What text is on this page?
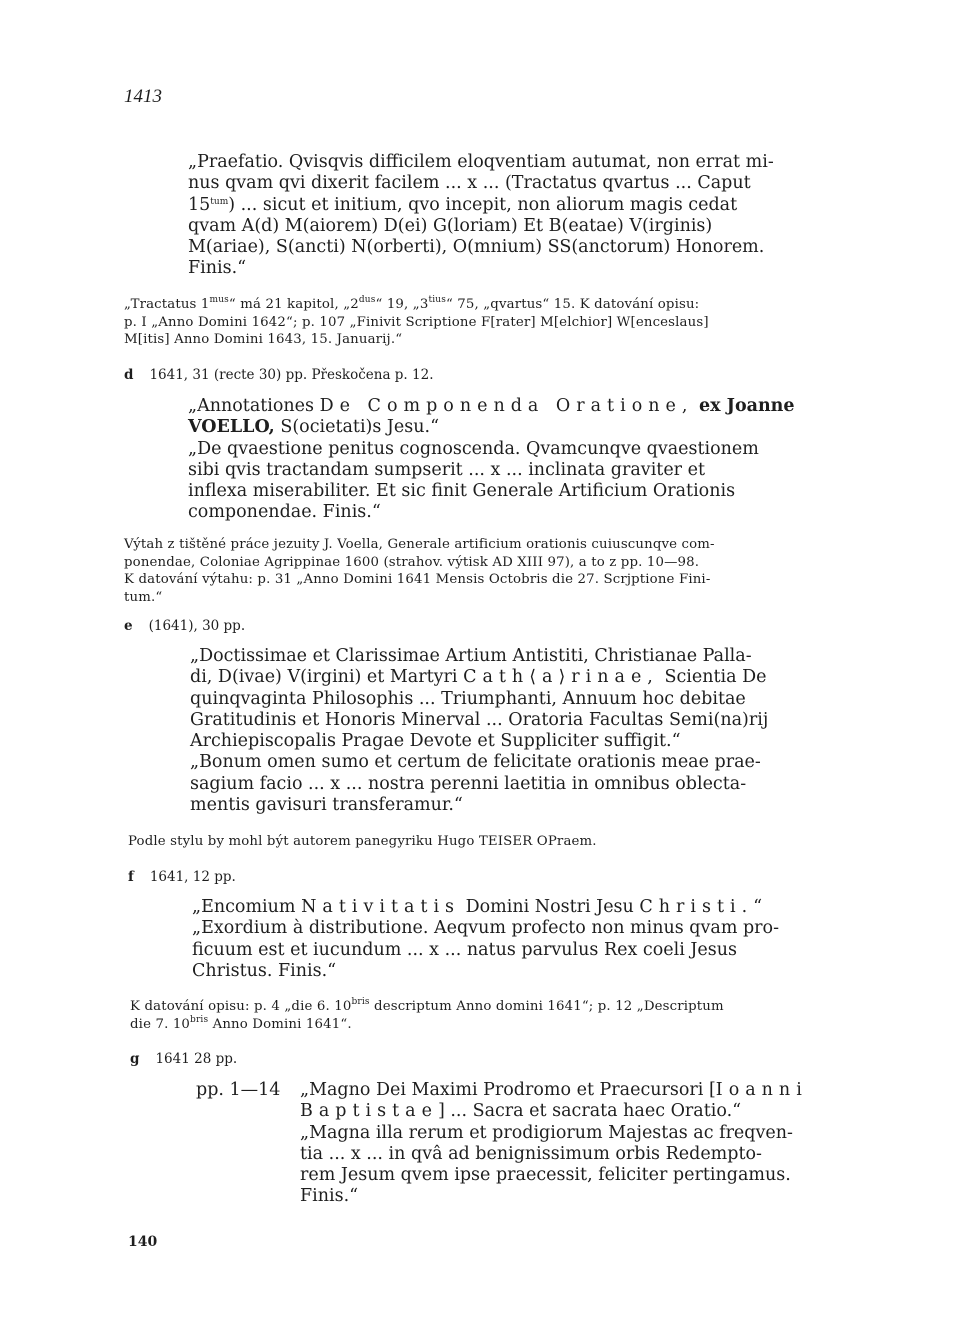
1413

„Praefatio. Qvisqvis difficilem eloqventiam autumat, non errat mi-

nus qvam qvi dixerit facilem ... x ... (Tractatus qvartus ... Caput

$15^{tum}$) ... sicut et initium, qvo incepit, non aliorum magis cedat

qvam A(d) M(aiorem) D(ei) G(loriam) Et B(eatae) V(irginis)

M(ariae), S(ancti) N(orberti), O(mnium) SS(anctorum) Honorem.

Finis.“

„Tractatus $1^{mus}“$ má 21 kapitol, $„2^{dus}“$ 19, $„3^{tius}“$ 75, „qvartus“ 15. K datování opisu:

p. I „Anno Domini 1642“; p. 107 „Finivit Scriptione F[rater] M[elchior] W[enceslaus]

M[itis] Anno Domini 1643, 15. Januarij.“

d 1641, 31 (recte 30) pp. Přeskočena p. 12.

„Annotationes De Componenda Oratione, ex Joanne

VOELLO, S(ocietati)s Jesu.“

„De qvaestione penitus cognoscenda. Qvamcunqve qvaestionem

sibi qvis tractandam sumpserit ... x ... inclinata graviter et

inflexa miserabiliter. Et sic finit Generale Artificium Orationis

componendae. Finis.“

Výtah z tištěné práce jezuity J. Voella, Generale artificium orationis cuiuscunqve com-

ponendae, Coloniae Agrippinae 1600 (strahov. výtisk AD XIII 97), a to z pp. 10—98.

K datování výtahu: p. 31 „Anno Domini 1641 Mensis Octobris die 27. Scrjptione Fini-

tum.“

e (1641), 30 pp.

„Doctissimae et Clarissimae Artium Antistiti, Christianae Palla-

di, D(ivae) V(irgini) et Martyri Cath⟨a⟩rinae, Scientia De

quinqvaginta Philosophis ... Triumphanti, Annuum hoc debitae

Gratitudinis et Honoris Minerval ... Oratoria Facultas Semi(na)rij

Archiepiscopalis Pragae Devote et Suppliciter suffigit.“

„Bonum omen sumo et certum de felicitate orationis meae prae-

sagium facio ... x ... nostra perenni laetitia in omnibus oblecta-

mentis gavisuri transferamur.“

Podle stylu by mohl být autorem panegyriku Hugo TEISER OPraem.

f 1641, 12 pp.

„Encomium Nativitatis Domini Nostri Jesu Christi.“

„Exordium à distributione. Aeqvum profecto non minus qvam pro-

ficuum est et iucundum ... x ... natus parvulus Rex coeli Jesus

Christus. Finis.“

K datování opisu: p. 4 „die 6. $10^{bris}$ descriptum Anno domini 1641“; p. 12 „Descriptum

die 7. $10^{bris}$ Anno Domini 1641“.

g 1641 28 pp.
pp. 1—14 „Magno Dei Maximi Prodromo et Praecursori [Ioanni

Baptistae] ... Sacra et sacrata haec Oratio.“

„Magna illa rerum et prodigiorum Majestas ac freqven-

tia ... x ... in qvâ ad benignissimum orbis Redempto-

rem Jesum qvem ipse praecessit, feliciter pertingamus.

Finis.“

140
